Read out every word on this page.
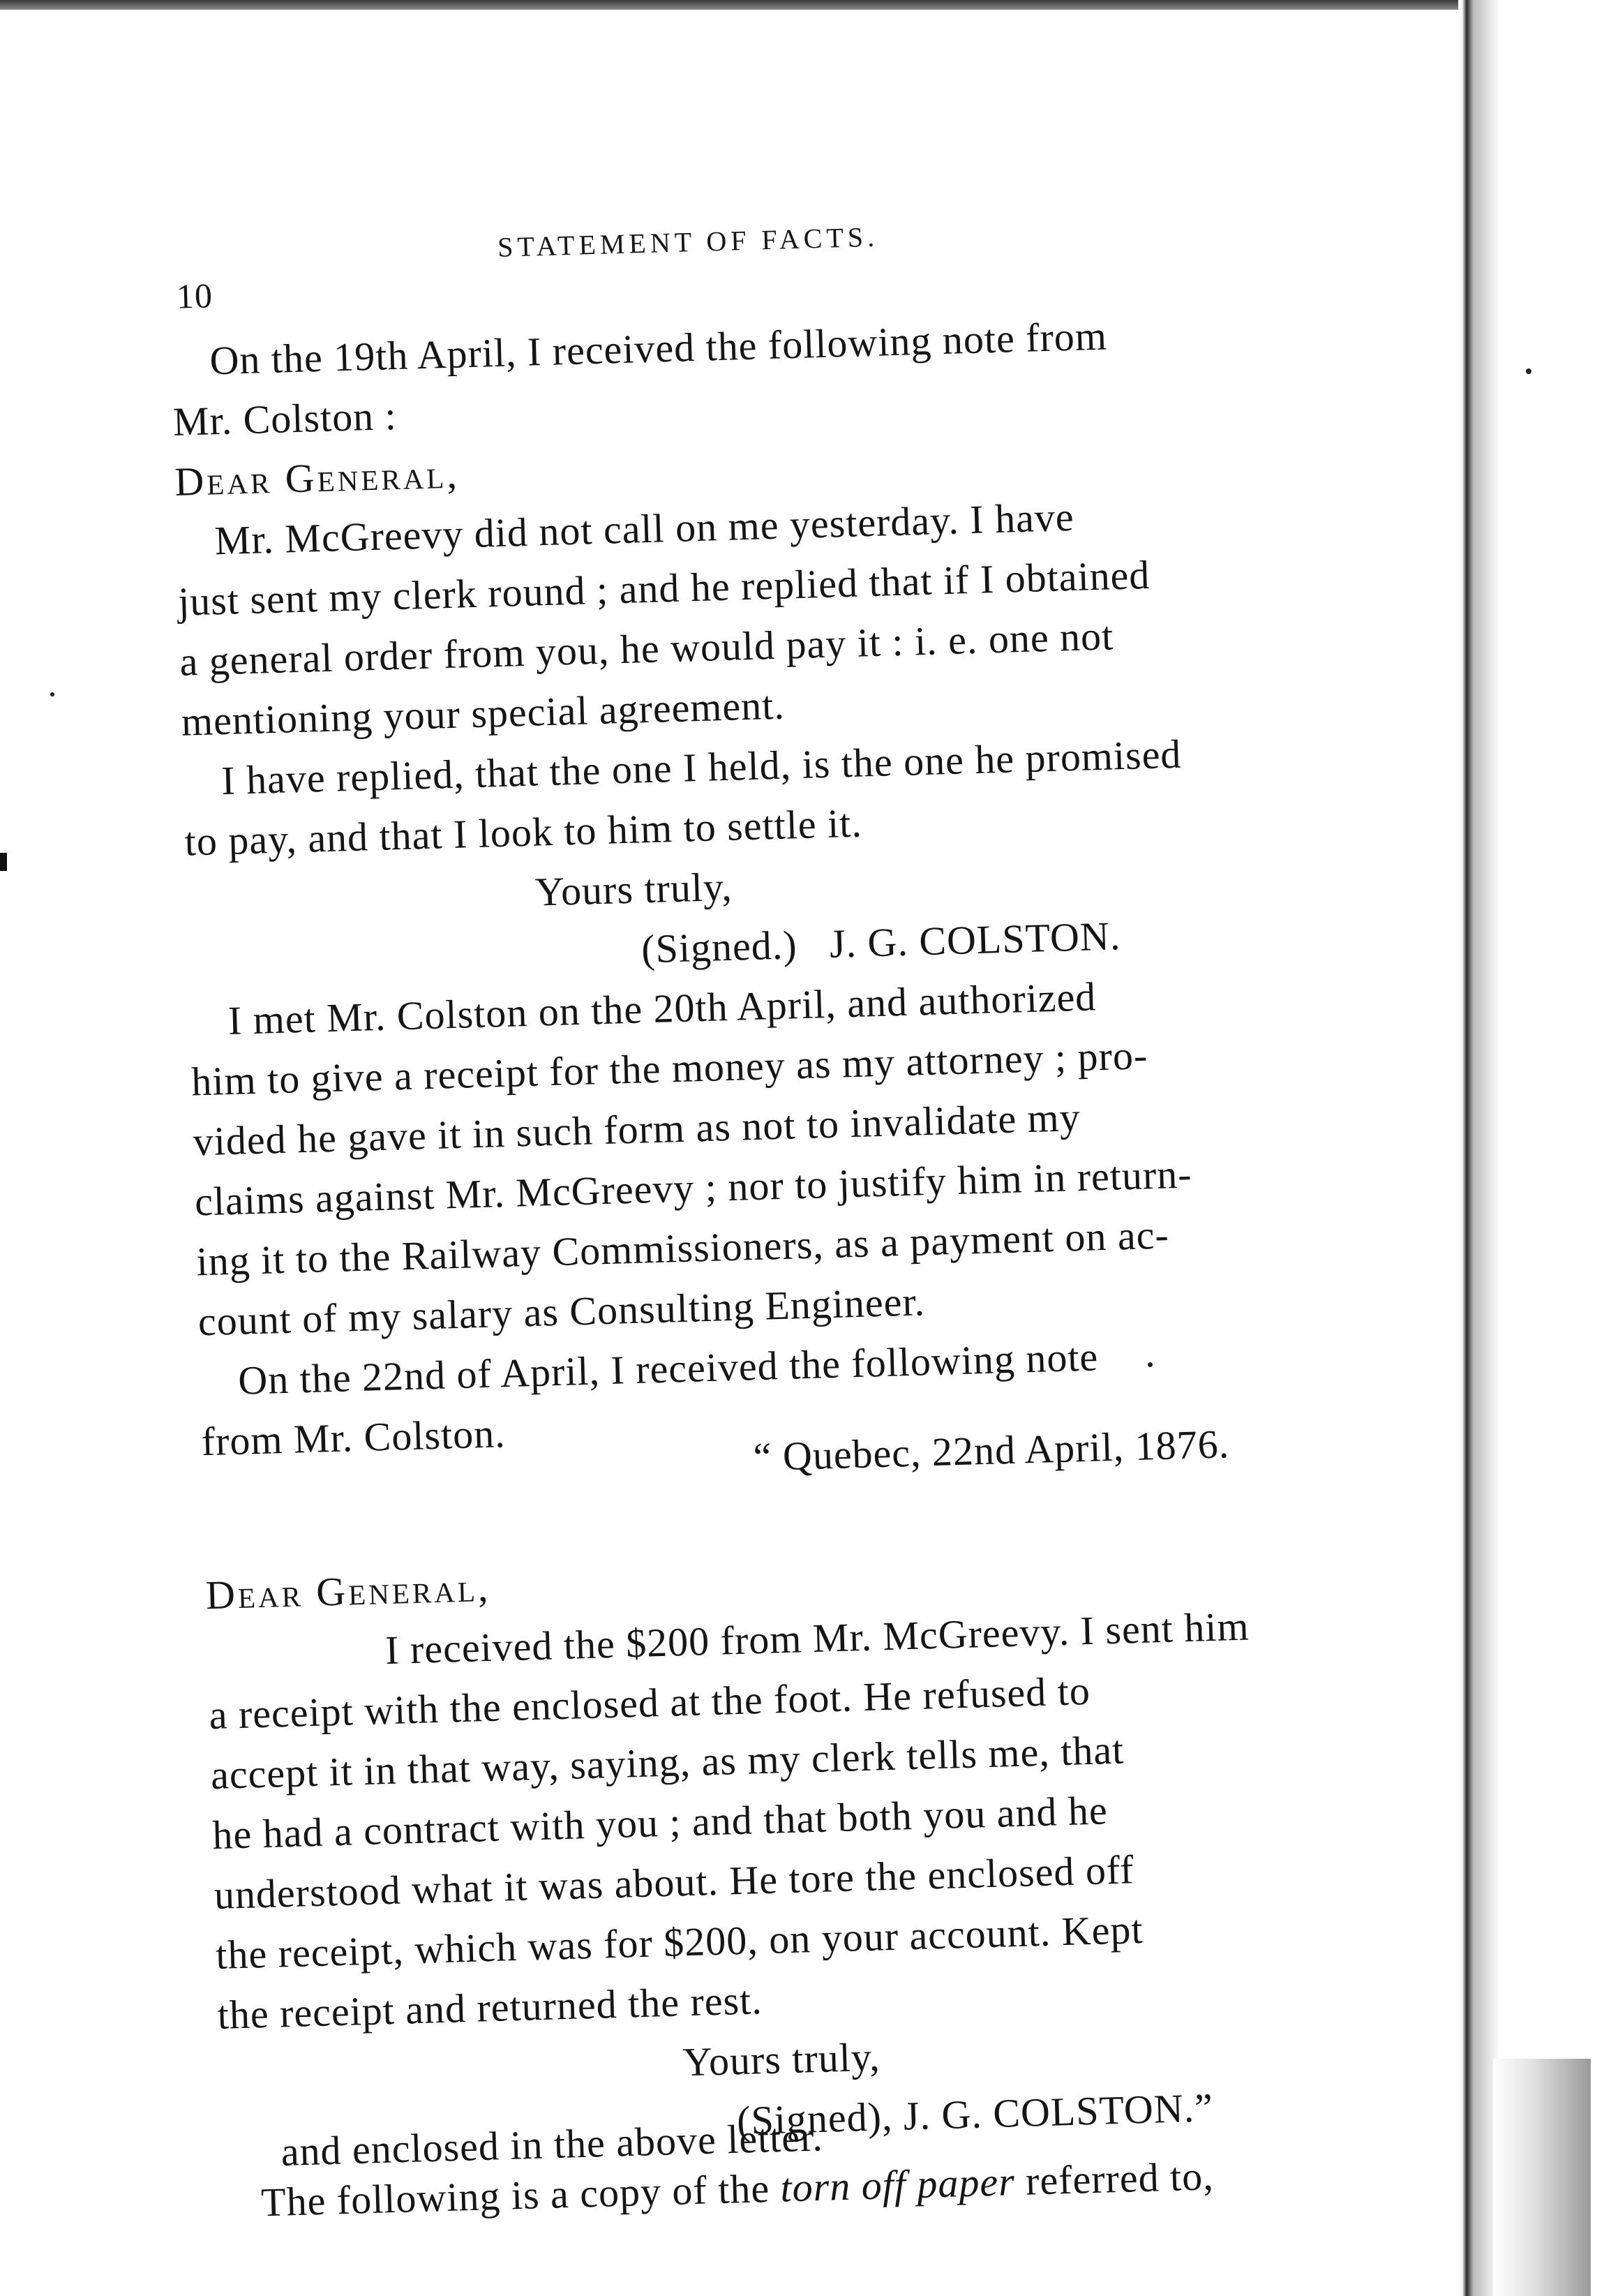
10
STATEMENT OF FACTS.
On the 19th April, I received the following note from
Mr. Colston :
Dear General,
Mr. McGreevy did not call on me yesterday. I have
just sent my clerk round ; and he replied that if I obtained
a general order from you, he would pay it : i. e. one not
mentioning your special agreement.
I have replied, that the one I held, is the one he promised
to pay, and that I look to him to settle it.
Yours truly,
(Signed.)   J. G. COLSTON.
I met Mr. Colston on the 20th April, and authorized
him to give a receipt for the money as my attorney ; pro-
vided he gave it in such form as not to invalidate my
claims against Mr. McGreevy ; nor to justify him in return-
ing it to the Railway Commissioners, as a payment on ac-
count of my salary as Consulting Engineer.
On the 22nd of April, I received the following note
from Mr. Colston.	“ Quebec, 22nd April, 1876.
Dear General,
I received the $200 from Mr. McGreevy. I sent him
a receipt with the enclosed at the foot. He refused to
accept it in that way, saying, as my clerk tells me, that
he had a contract with you ; and that both you and he
understood what it was about. He tore the enclosed off
the receipt, which was for $200, on your account. Kept
the receipt and returned the rest.
Yours truly,
(Signed), J. G. COLSTON.”
The following is a copy of the torn off paper referred to,
and enclosed in the above letter.
